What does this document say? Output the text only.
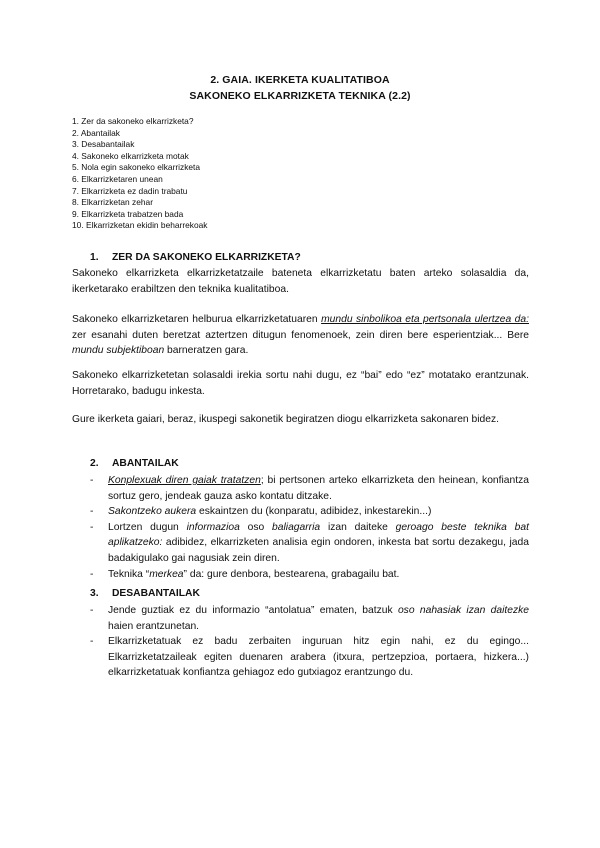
2. GAIA. IKERKETA KUALITATIBOA
SAKONEKO ELKARRIZKETA TEKNIKA (2.2)
1. Zer da sakoneko elkarrizketa?
2. Abantailak
3. Desabantailak
4. Sakoneko elkarrizketa motak
5. Nola egin sakoneko elkarrizketa
6. Elkarrizketaren unean
7. Elkarrizketa ez dadin trabatu
8. Elkarrizketan zehar
9. Elkarrizketa trabatzen bada
10. Elkarrizketan ekidin beharrekoak
1. ZER DA SAKONEKO ELKARRIZKETA?

Sakoneko elkarrizketa elkarrizketatzaile bateneta elkarrizketatu baten arteko solasaldia da, ikerketarako erabiltzen den teknika kualitatiboa.

Sakoneko elkarrizketaren helburua elkarrizketatuaren mundu sinbolikoa eta pertsonala ulertzea da: zer esanahi duten beretzat aztertzen ditugun fenomenoek, zein diren bere esperientziak... Bere mundu subjektiboan barneratzen gara.

Sakoneko elkarrizketetan solasaldi irekia sortu nahi dugu, ez “bai” edo “ez” motatako erantzunak. Horretarako, badugu inkesta.

Gure ikerketa gaiari, beraz, ikuspegi sakonetik begiratzen diogu elkarrizketa sakonaren bidez.

2. ABANTAILAK
- Konplexuak diren gaiak tratatzen; bi pertsonen arteko elkarrizketa den heinean, konfiantza sortuz gero, jendeak gauza asko kontatu ditzake.
- Sakontzeko aukera eskaintzen du (konparatu, adibidez, inkestarekin...)
- Lortzen dugun informazioa oso baliagarria izan daiteke geroago beste teknika bat aplikatzeko: adibidez, elkarrizketen analisia egin ondoren, inkesta bat sortu dezakegu, jada badakigulako gai nagusiak zein diren.
- Teknika “merkea” da: gure denbora, bestearena, grabagailu bat.
3. DESABANTAILAK
- Jende guztiak ez du informazio “antolatua” ematen, batzuk oso nahasiak izan daitezke haien erantzunetan.
- Elkarrizketatuak ez badu zerbaiten inguruan hitz egin nahi, ez du egingo... Elkarrizketatzaileak egiten duenaren arabera (itxura, pertzepzioa, portaera, hizkera...) elkarrizketatuak konfiantza gehiagoz edo gutxiagoz erantzungo du.
